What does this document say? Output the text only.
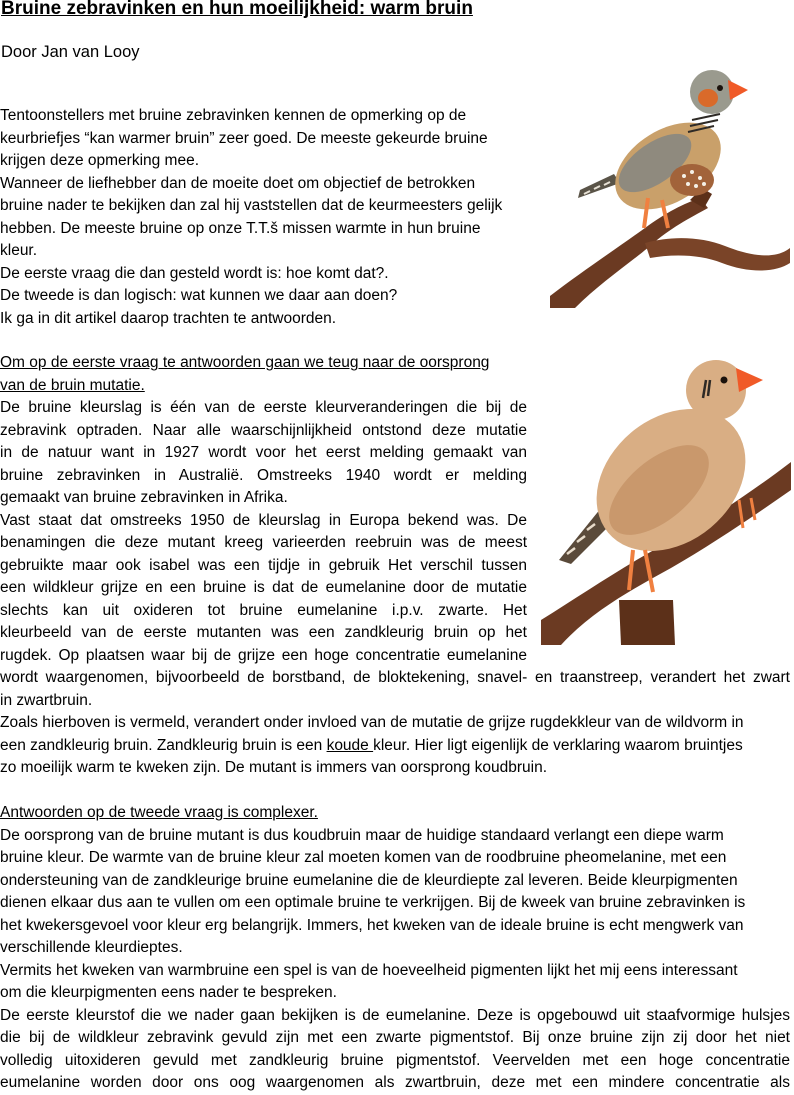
Bruine zebravinken en hun moeilijkheid: warm bruin
Door Jan van Looy
Tentoonstellers met bruine zebravinken kennen de opmerking op de
keurbriefjes “kan warmer bruin” zeer goed. De meeste gekeurde bruine
krijgen deze opmerking mee.
Wanneer de liefhebber dan de moeite doet om objectief de betrokken
bruine nader te bekijken dan zal hij vaststellen dat de keurmeesters gelijk
hebben. De meeste bruine op onze T.T.š missen warmte in hun bruine
kleur.
De eerste vraag die dan gesteld wordt is: hoe komt dat?.
De tweede is dan logisch: wat kunnen we daar aan doen?
Ik ga in dit artikel daarop trachten te antwoorden.
Om op de eerste vraag te antwoorden gaan we teug naar de oorsprong
van de bruin mutatie.
De bruine kleurslag is één van de eerste kleurveranderingen die bij de
zebravink optraden. Naar alle waarschijnlijkheid ontstond deze mutatie
in de natuur want in 1927 wordt voor het eerst melding gemaakt van
bruine zebravinken in Australië. Omstreeks 1940 wordt er melding
gemaakt van bruine zebravinken in Afrika.
Vast staat dat omstreeks 1950 de kleurslag in Europa bekend was. De
benamingen die deze mutant kreeg varieerden reebruin was de meest
gebruikte maar ook isabel was een tijdje in gebruik Het verschil tussen
een wildkleur grijze en een bruine is dat de eumelanine door de mutatie
slechts kan uit oxideren tot bruine eumelanine i.p.v. zwarte. Het
kleurbeeld van de eerste mutanten was een zandkleurig bruin op het
rugdek. Op plaatsen waar bij de grijze een hoge concentratie eumelanine
wordt waargenomen, bijvoorbeeld de borstband, de bloktekening, snavel- en traanstreep, verandert het zwart
in zwartbruin.
Zoals hierboven is vermeld, verandert onder invloed van de mutatie de grijze rugdekkleur van de wildvorm in
een zandkleurig bruin. Zandkleurig bruin is een koude kleur. Hier ligt eigenlijk de verklaring waarom bruintjes
zo moeilijk warm te kweken zijn. De mutant is immers van oorsprong koudbruin.
Antwoorden op de tweede vraag is complexer.
De oorsprong van de bruine mutant is dus koudbruin maar de huidige standaard verlangt een diepe warm
bruine kleur. De warmte van de bruine kleur zal moeten komen van de roodbruine pheomelanine, met een
ondersteuning van de zandkleurige bruine eumelanine die de kleurdiepte zal leveren. Beide kleurpigmenten
dienen elkaar dus aan te vullen om een optimale bruine te verkrijgen. Bij de kweek van bruine zebravinken is
het kwekersgevoel voor kleur erg belangrijk. Immers, het kweken van de ideale bruine is echt mengwerk van
verschillende kleurdieptes.
Vermits het kweken van warmbruine een spel is van de hoeveelheid pigmenten lijkt het mij eens interessant
om die kleurpigmenten eens nader te bespreken.
De eerste kleurstof die we nader gaan bekijken is de eumelanine. Deze is opgebouwd uit staafvormige hulsjes
die bij de wildkleur zebravink gevuld zijn met een zwarte pigmentstof. Bij onze bruine zijn zij door het niet
volledig uitoxideren gevuld met zandkleurig bruine pigmentstof. Veervelden met een hoge concentratie
eumelanine worden door ons oog waargenomen als zwartbruin, deze met een mindere concentratie als
